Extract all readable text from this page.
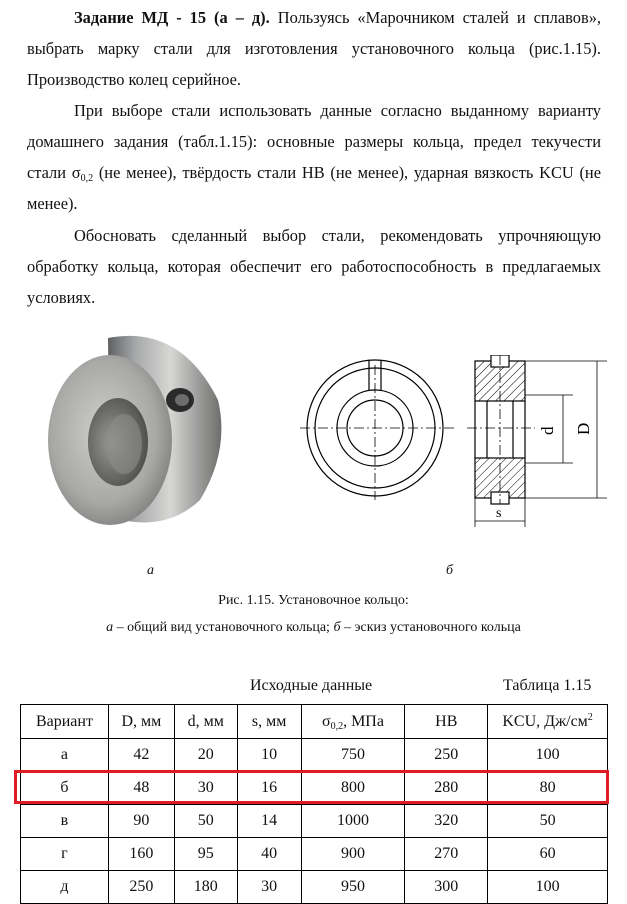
Задание МД - 15 (а – д). Пользуясь «Марочником сталей и сплавов», выбрать марку стали для изготовления установочного кольца (рис.1.15). Производство колец серийное.
При выборе стали использовать данные согласно выданному варианту домашнего задания (табл.1.15): основные размеры кольца, предел текучести стали $\sigma_{0,2}$ (не менее), твёрдость стали HB (не менее), ударная вязкость KCU (не менее).
Обосновать сделанный выбор стали, рекомендовать упрочняющую обработку кольца, которая обеспечит его работоспособность в предлагаемых условиях.
d D
s
а	б
Рис. 1.15. Установочное кольцо:
а – общий вид установочного кольца; б – эскиз установочного кольца
Исходные данные	Таблица 1.15
Вариант	D, мм	d, мм	s, мм	$\sigma_{0,2}$, МПа	HB	KCU, $Дж/см^2$
а	42	20	10	750	250	100
б	48	30	16	800	280	80
в	90	50	14	1000	320	50
г	160	95	40	900	270	60
д	250	180	30	950	300	100
